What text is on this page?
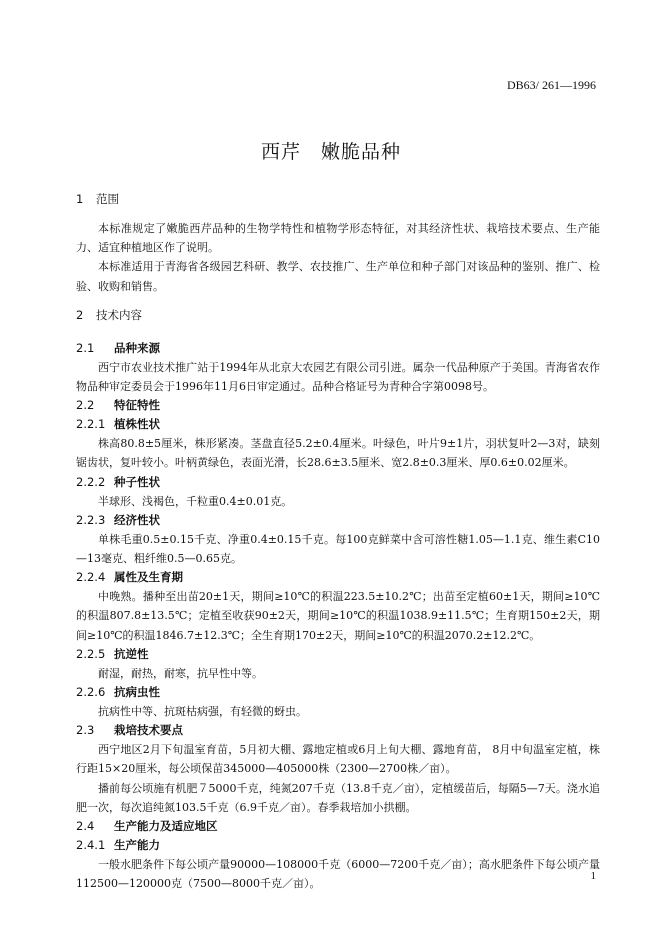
DB63/ 261—1996
西芹　嫩脆品种
1 范围

本标准规定了嫩脆西芹品种的生物学特性和植物学形态特征，对其经济性状、栽培技术要点、生产能力、适宜种植地区作了说明。

本标准适用于青海省各级园艺科研、教学、农技推广、生产单位和种子部门对该品种的鉴别、推广、检验、收购和销售。

2 技术内容
2.1 品种来源

西宁市农业技术推广站于1994年从北京大农园艺有限公司引进。属杂一代品种原产于美国。青海省农作物品种审定委员会于1996年11月6日审定通过。品种合格证号为青种合字第0098号。

2.2 特征特性
2.2.1 植株性状

株高80.8±5厘米，株形紧凑。茎盘直径5.2±0.4厘米。叶绿色，叶片9±1片，羽状复叶2—3对，缺刻锯齿状，复叶较小。叶柄黄绿色，表面光滑，长28.6±3.5厘米、宽2.8±0.3厘米、厚0.6±0.02厘米。

2.2.2 种子性状

半球形、浅褐色，千粒重0.4±0.01克。

2.2.3 经济性状

单株毛重0.5±0.15千克、净重0.4±0.15千克。每100克鲜菜中含可溶性糖1.05—1.1克、维生素C10—13毫克、粗纤维0.5—0.65克。

2.2.4 属性及生育期

中晚熟。播种至出苗20±1天，期间≥10℃的积温223.5±10.2℃；出苗至定植60±1天，期间≥10℃的积温807.8±13.5℃；定植至收获90±2天，期间≥10℃的积温1038.9±11.5℃；生育期150±2天，期间≥10℃的积温1846.7±12.3℃；全生育期170±2天，期间≥10℃的积温2070.2±12.2℃。

2.2.5 抗逆性

耐湿，耐热，耐寒，抗早性中等。

2.2.6 抗病虫性

抗病性中等、抗斑枯病强，有轻微的蚜虫。

2.3 栽培技术要点

西宁地区2月下旬温室育苗，5月初大棚、露地定植或6月上旬大棚、露地育苗， 8月中旬温室定植，株行距15×20厘米，每公顷保苗345000—405000株（2300—2700株／亩）。

播前每公顷施有机肥７5000千克，纯氮207千克（13.8千克／亩），定植缓苗后，每隔5—7天。浇水追肥一次，每次追纯氮103.5千克（6.9千克／亩）。春季栽培加小拱棚。

2.4 生产能力及适应地区
2.4.1 生产能力

一般水肥条件下每公顷产量90000—108000千克（6000—7200千克／亩）；高水肥条件下每公顷产量112500—120000克（7500—8000千克／亩）。

1
